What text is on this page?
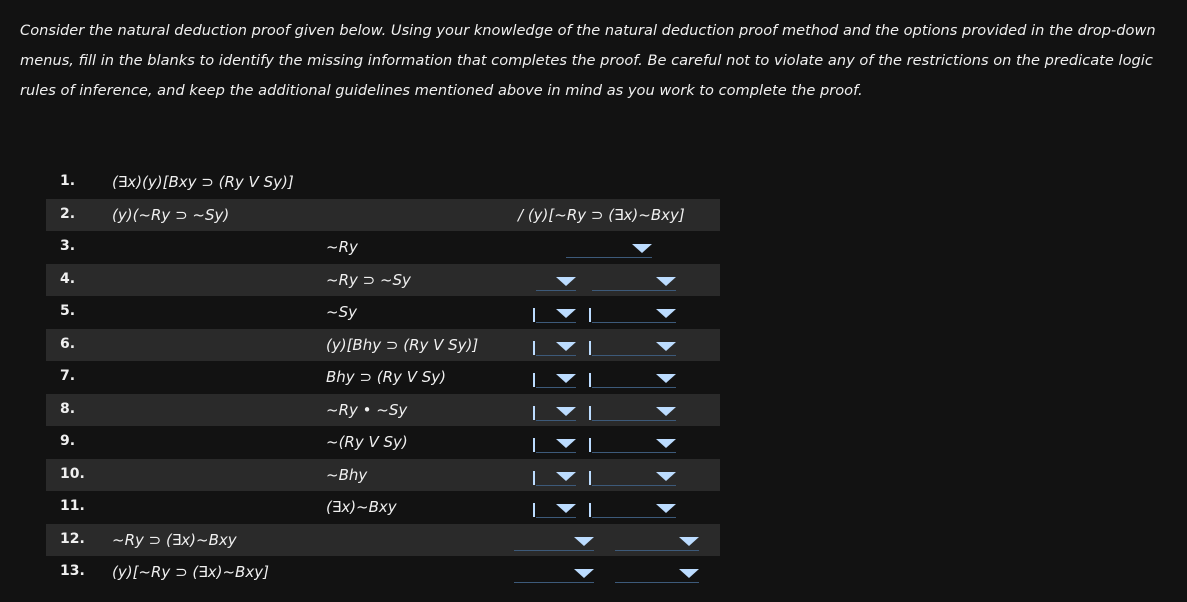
Consider the natural deduction proof given below. Using your knowledge of the natural deduction proof method and the options provided in the drop-down menus, fill in the blanks to identify the missing information that completes the proof. Be careful not to violate any of the restrictions on the predicate logic rules of inference, and keep the additional guidelines mentioned above in mind as you work to complete the proof.

1. (∃x)(y)[Bxy ⊃ (Ry V Sy)]
2. (y)(~Ry ⊃ ~Sy)	/ (y)[~Ry ⊃ (∃x)~Bxy]
3.	~Ry
4.	~Ry ⊃ ~Sy
5.	~Sy
6.	(y)[Bhy ⊃ (Ry V Sy)]
7.	Bhy ⊃ (Ry V Sy)
8.	~Ry • ~Sy
9.	~(Ry V Sy)
10.	~Bhy
11.	(∃x)~Bxy
12. ~Ry ⊃ (∃x)~Bxy
13. (y)[~Ry ⊃ (∃x)~Bxy]
